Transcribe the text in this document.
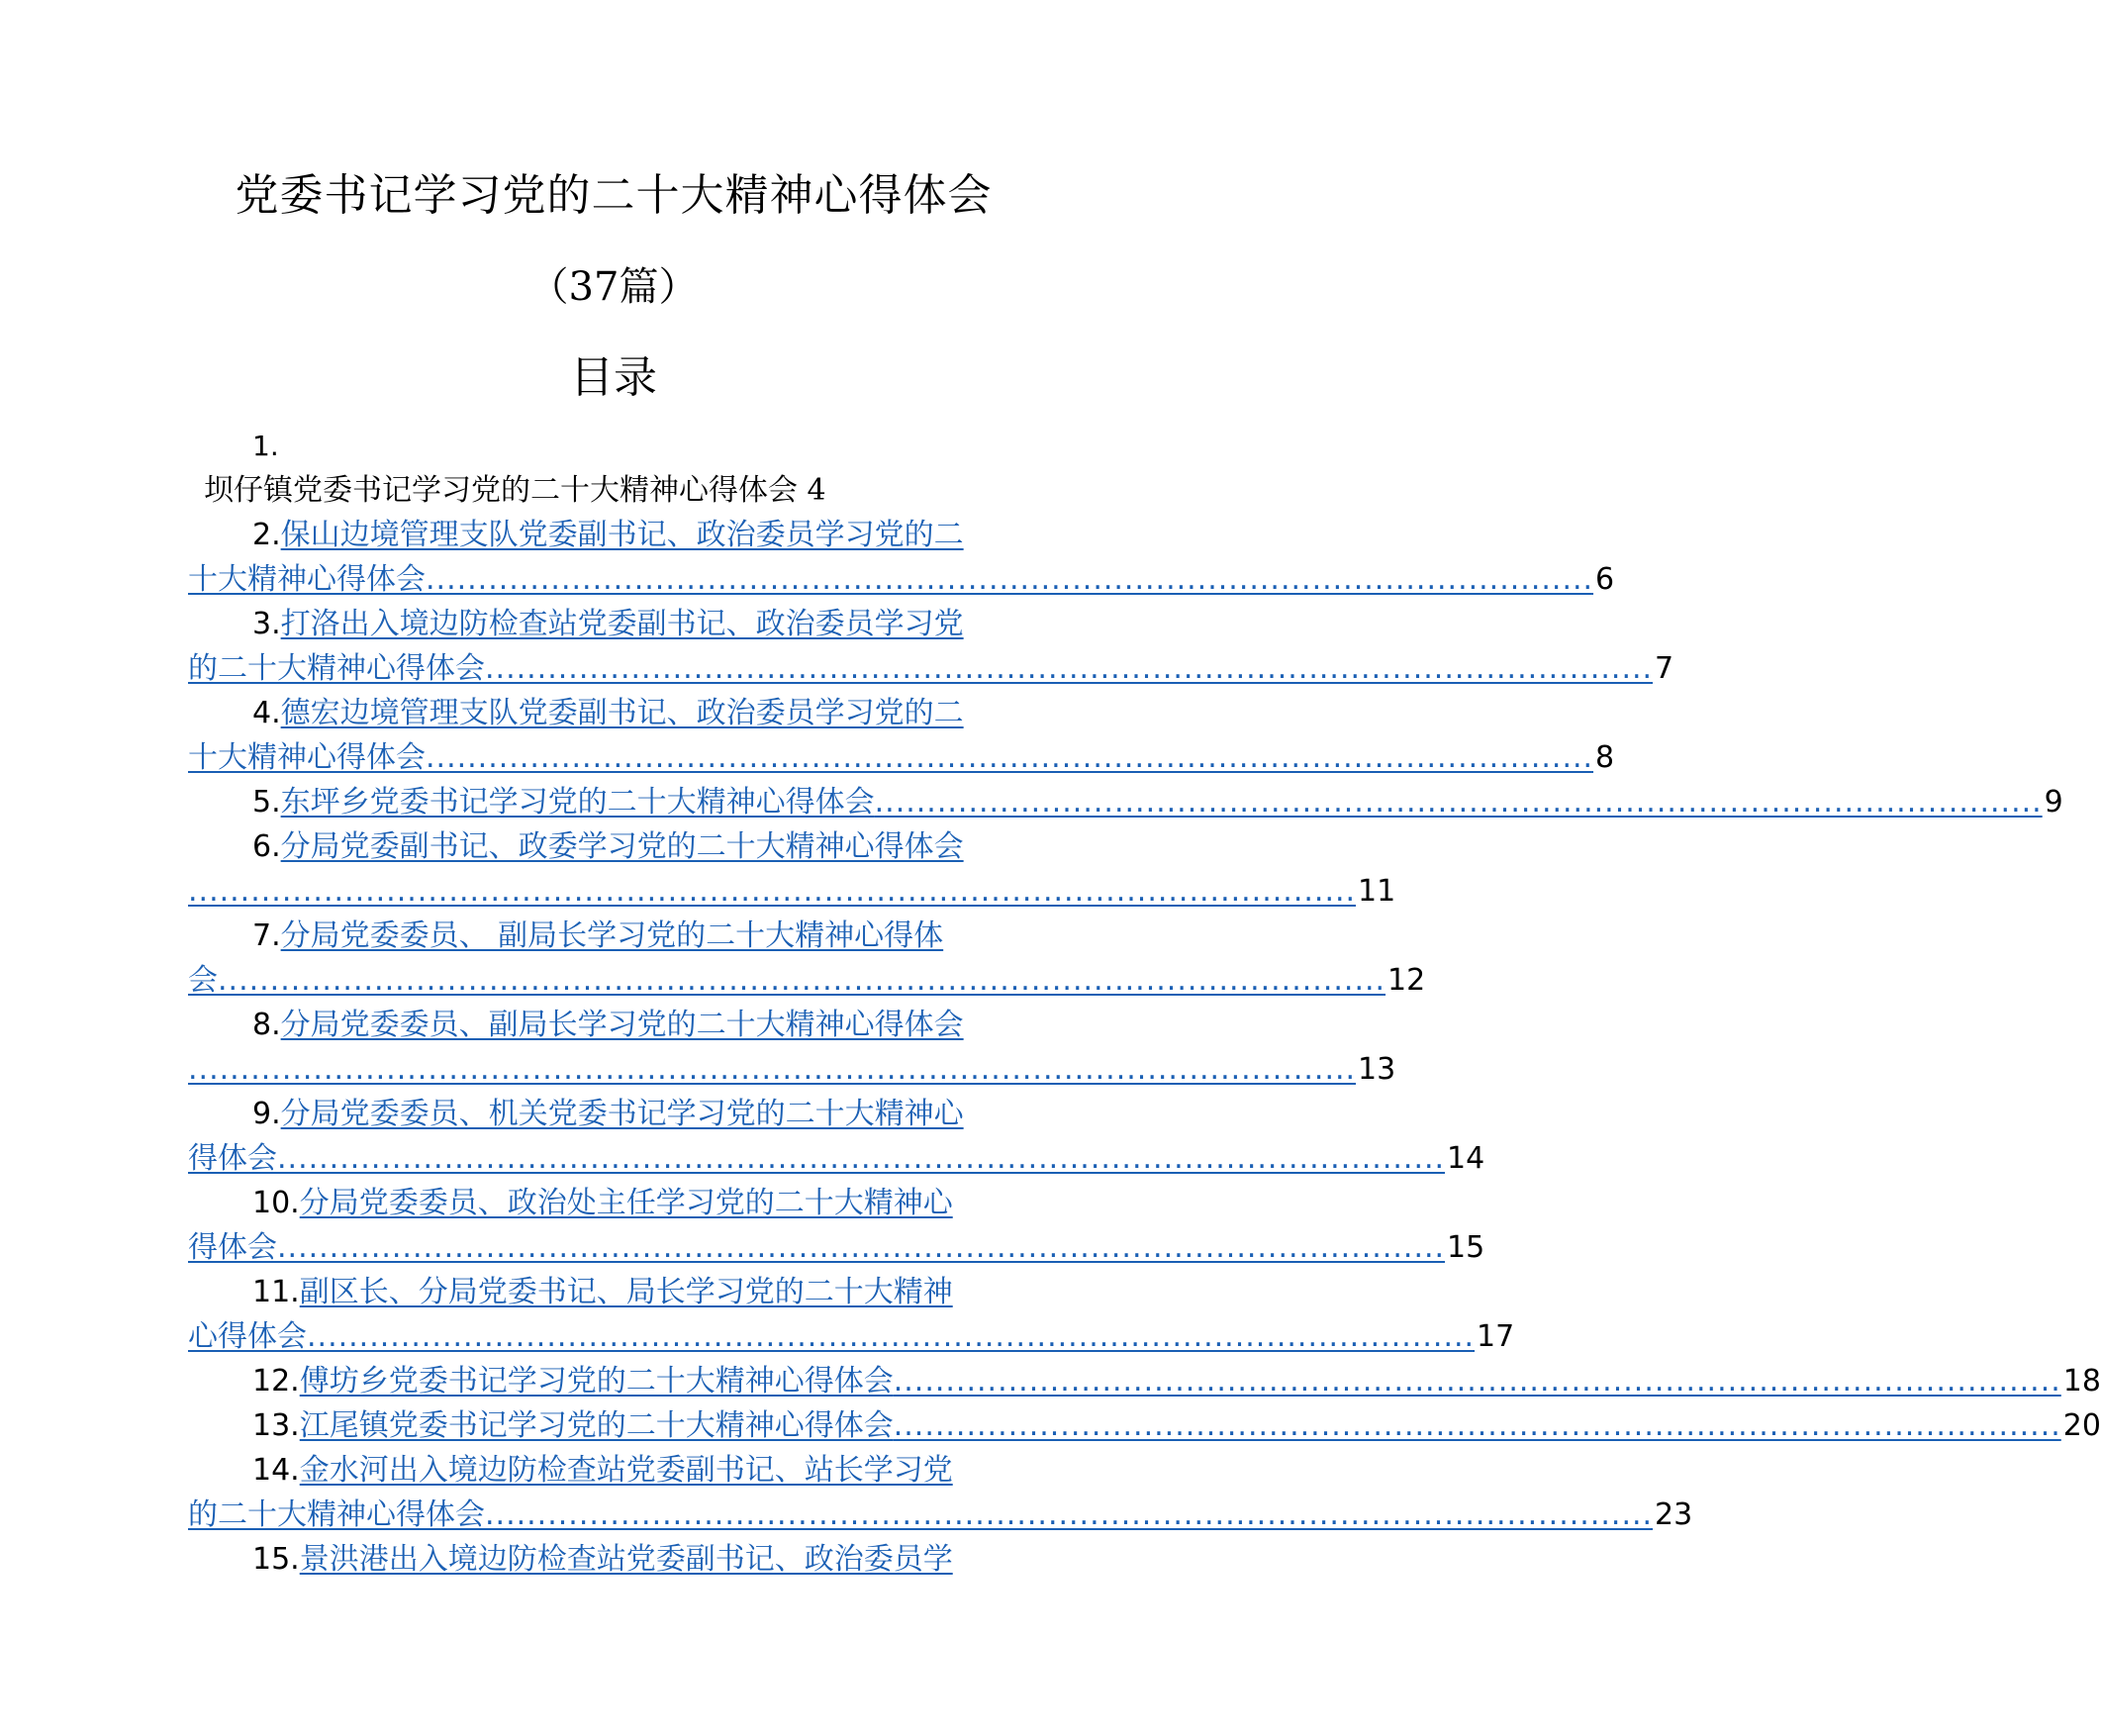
党委书记学习党的二十大精神心得体会
（37篇）
目录
1.
坝仔镇党委书记学习党的二十大精神心得体会 4
2.保山边境管理支队党委副书记、政治委员学习党的二
十大精神心得体会 ................................................................................................................ 6
3.打洛出入境边防检查站党委副书记、政治委员学习党
的二十大精神心得体会 ................................................................................................................ 7
4.德宏边境管理支队党委副书记、政治委员学习党的二
十大精神心得体会 ................................................................................................................ 8
5. 东坪乡党委书记学习党的二十大精神心得体会 ................................................................................................................ 9
6.分局党委副书记、政委学习党的二十大精神心得体会
................................................................................................................ 11
7.分局党委委员、 副局长学习党的二十大精神心得体
会 ................................................................................................................ 12
8.分局党委委员、副局长学习党的二十大精神心得体会
................................................................................................................ 13
9.分局党委委员、机关党委书记学习党的二十大精神心
得体会 ................................................................................................................ 14
10.分局党委委员、政治处主任学习党的二十大精神心
得体会 ................................................................................................................ 15
11.副区长、分局党委书记、局长学习党的二十大精神
心得体会 ................................................................................................................ 17
12. 傅坊乡党委书记学习党的二十大精神心得体会 ................................................................................................................ 18
13. 江尾镇党委书记学习党的二十大精神心得体会 ................................................................................................................ 20
14.金水河出入境边防检查站党委副书记、站长学习党
的二十大精神心得体会 ................................................................................................................ 23
15.景洪港出入境边防检查站党委副书记、政治委员学
